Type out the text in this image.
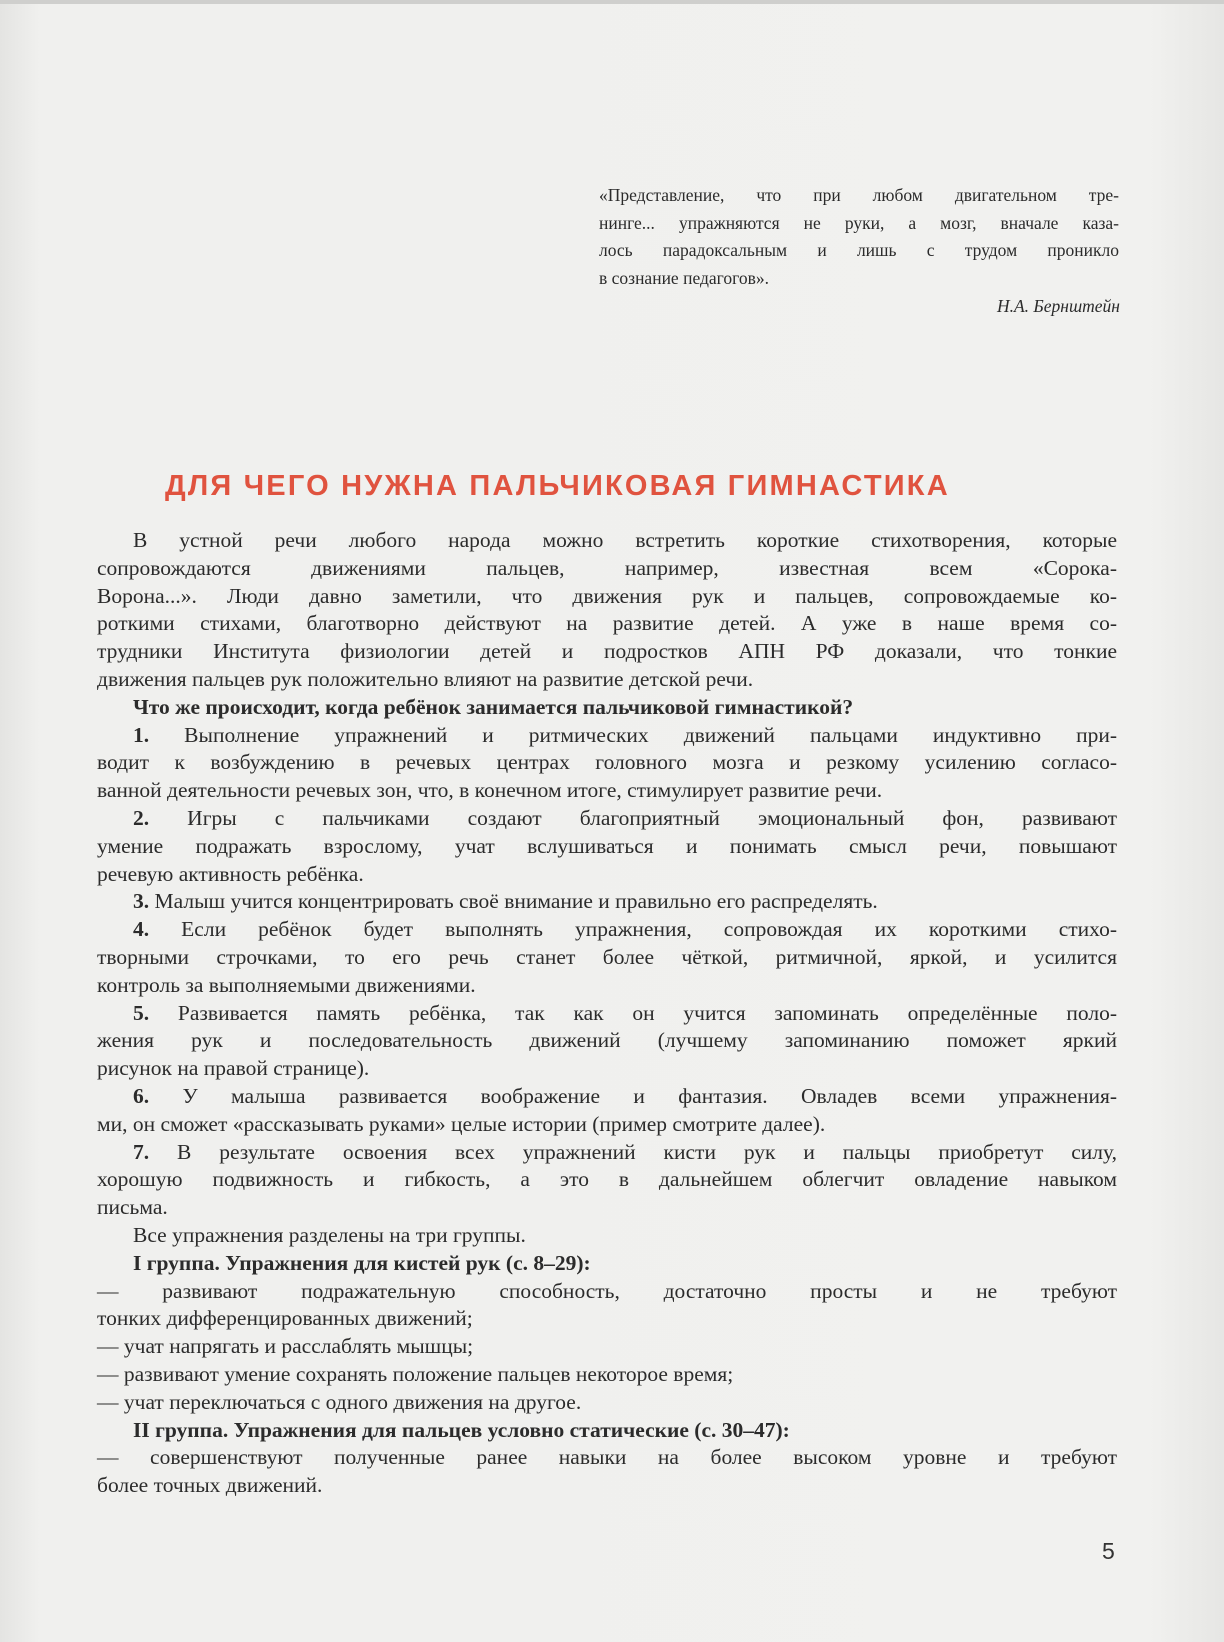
«Представление, что при любом двигательном тре-
нинге... упражняются не руки, а мозг, вначале каза-
лось парадоксальным и лишь с трудом проникло
в сознание педагогов».
Н.А. Бернштейн
ДЛЯ ЧЕГО НУЖНА ПАЛЬЧИКОВАЯ ГИМНАСТИКА
В устной речи любого народа можно встретить короткие стихотворения, которые
сопровождаются движениями пальцев, например, известная всем «Сорока-
Ворона...». Люди давно заметили, что движения рук и пальцев, сопровождаемые ко-
роткими стихами, благотворно действуют на развитие детей. А уже в наше время со-
трудники Института физиологии детей и подростков АПН РФ доказали, что тонкие
движения пальцев рук положительно влияют на развитие детской речи.
Что же происходит, когда ребёнок занимается пальчиковой гимнастикой?
1. Выполнение упражнений и ритмических движений пальцами индуктивно при-
водит к возбуждению в речевых центрах головного мозга и резкому усилению согласо-
ванной деятельности речевых зон, что, в конечном итоге, стимулирует развитие речи.
2. Игры с пальчиками создают благоприятный эмоциональный фон, развивают
умение подражать взрослому, учат вслушиваться и понимать смысл речи, повышают
речевую активность ребёнка.
3. Малыш учится концентрировать своё внимание и правильно его распределять.
4. Если ребёнок будет выполнять упражнения, сопровождая их короткими стихо-
творными строчками, то его речь станет более чёткой, ритмичной, яркой, и усилится
контроль за выполняемыми движениями.
5. Развивается память ребёнка, так как он учится запоминать определённые поло-
жения рук и последовательность движений (лучшему запоминанию поможет яркий
рисунок на правой странице).
6. У малыша развивается воображение и фантазия. Овладев всеми упражнения-
ми, он сможет «рассказывать руками» целые истории (пример смотрите далее).
7. В результате освоения всех упражнений кисти рук и пальцы приобретут силу,
хорошую подвижность и гибкость, а это в дальнейшем облегчит овладение навыком
письма.
Все упражнения разделены на три группы.
I группа. Упражнения для кистей рук (с. 8–29):
— развивают подражательную способность, достаточно просты и не требуют
тонких дифференцированных движений;
— учат напрягать и расслаблять мышцы;
— развивают умение сохранять положение пальцев некоторое время;
— учат переключаться с одного движения на другое.
II группа. Упражнения для пальцев условно статические (с. 30–47):
— совершенствуют полученные ранее навыки на более высоком уровне и требуют
более точных движений.
5
